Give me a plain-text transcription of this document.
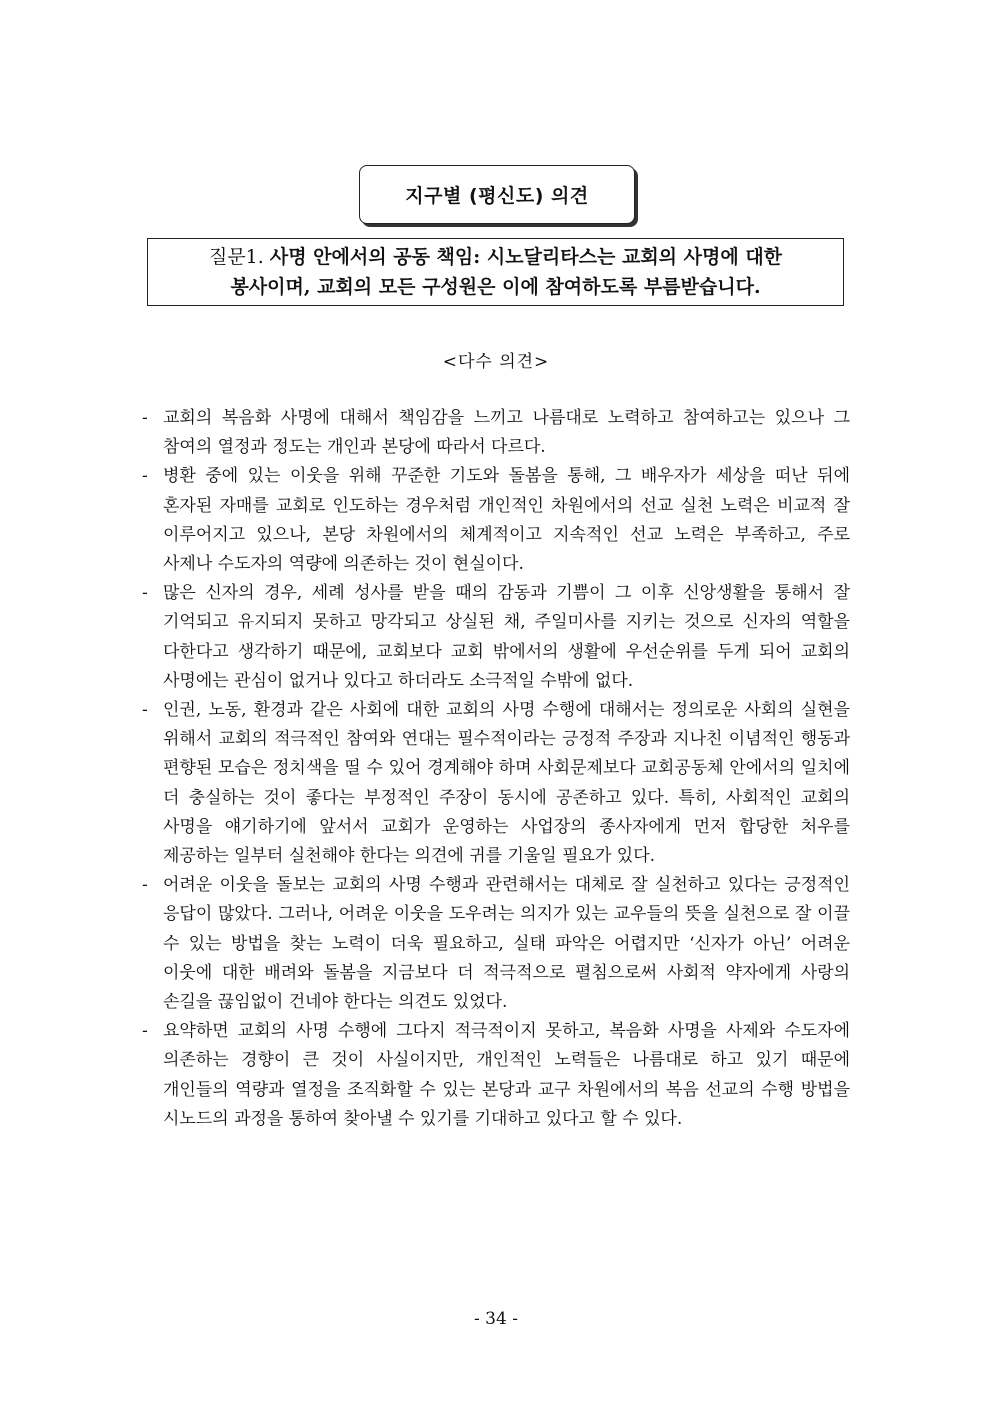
지구별 (평신도) 의견
질문1. 사명 안에서의 공동 책임: 시노달리타스는 교회의 사명에 대한
봉사이며, 교회의 모든 구성원은 이에 참여하도록 부름받습니다.
<다수 의견>
- 교회의 복음화 사명에 대해서 책임감을 느끼고 나름대로 노력하고 참여하고는 있으나 그 참여의 열정과 정도는 개인과 본당에 따라서 다르다.
- 병환 중에 있는 이웃을 위해 꾸준한 기도와 돌봄을 통해, 그 배우자가 세상을 떠난 뒤에 혼자된 자매를 교회로 인도하는 경우처럼 개인적인 차원에서의 선교 실천 노력은 비교적 잘 이루어지고 있으나, 본당 차원에서의 체계적이고 지속적인 선교 노력은 부족하고, 주로 사제나 수도자의 역량에 의존하는 것이 현실이다.
- 많은 신자의 경우, 세례 성사를 받을 때의 감동과 기쁨이 그 이후 신앙생활을 통해서 잘 기억되고 유지되지 못하고 망각되고 상실된 채, 주일미사를 지키는 것으로 신자의 역할을 다한다고 생각하기 때문에, 교회보다 교회 밖에서의 생활에 우선순위를 두게 되어 교회의 사명에는 관심이 없거나 있다고 하더라도 소극적일 수밖에 없다.
- 인권, 노동, 환경과 같은 사회에 대한 교회의 사명 수행에 대해서는 정의로운 사회의 실현을 위해서 교회의 적극적인 참여와 연대는 필수적이라는 긍정적 주장과 지나친 이념적인 행동과 편향된 모습은 정치색을 띨 수 있어 경계해야 하며 사회문제보다 교회공동체 안에서의 일치에 더 충실하는 것이 좋다는 부정적인 주장이 동시에 공존하고 있다. 특히, 사회적인 교회의 사명을 얘기하기에 앞서서 교회가 운영하는 사업장의 종사자에게 먼저 합당한 처우를 제공하는 일부터 실천해야 한다는 의견에 귀를 기울일 필요가 있다.
- 어려운 이웃을 돌보는 교회의 사명 수행과 관련해서는 대체로 잘 실천하고 있다는 긍정적인 응답이 많았다. 그러나, 어려운 이웃을 도우려는 의지가 있는 교우들의 뜻을 실천으로 잘 이끌 수 있는 방법을 찾는 노력이 더욱 필요하고, 실태 파악은 어렵지만 ‘신자가 아닌’ 어려운 이웃에 대한 배려와 돌봄을 지금보다 더 적극적으로 펼침으로써 사회적 약자에게 사랑의 손길을 끊임없이 건네야 한다는 의견도 있었다.
- 요약하면 교회의 사명 수행에 그다지 적극적이지 못하고, 복음화 사명을 사제와 수도자에 의존하는 경향이 큰 것이 사실이지만, 개인적인 노력들은 나름대로 하고 있기 때문에 개인들의 역량과 열정을 조직화할 수 있는 본당과 교구 차원에서의 복음 선교의 수행 방법을 시노드의 과정을 통하여 찾아낼 수 있기를 기대하고 있다고 할 수 있다.
- 34 -
